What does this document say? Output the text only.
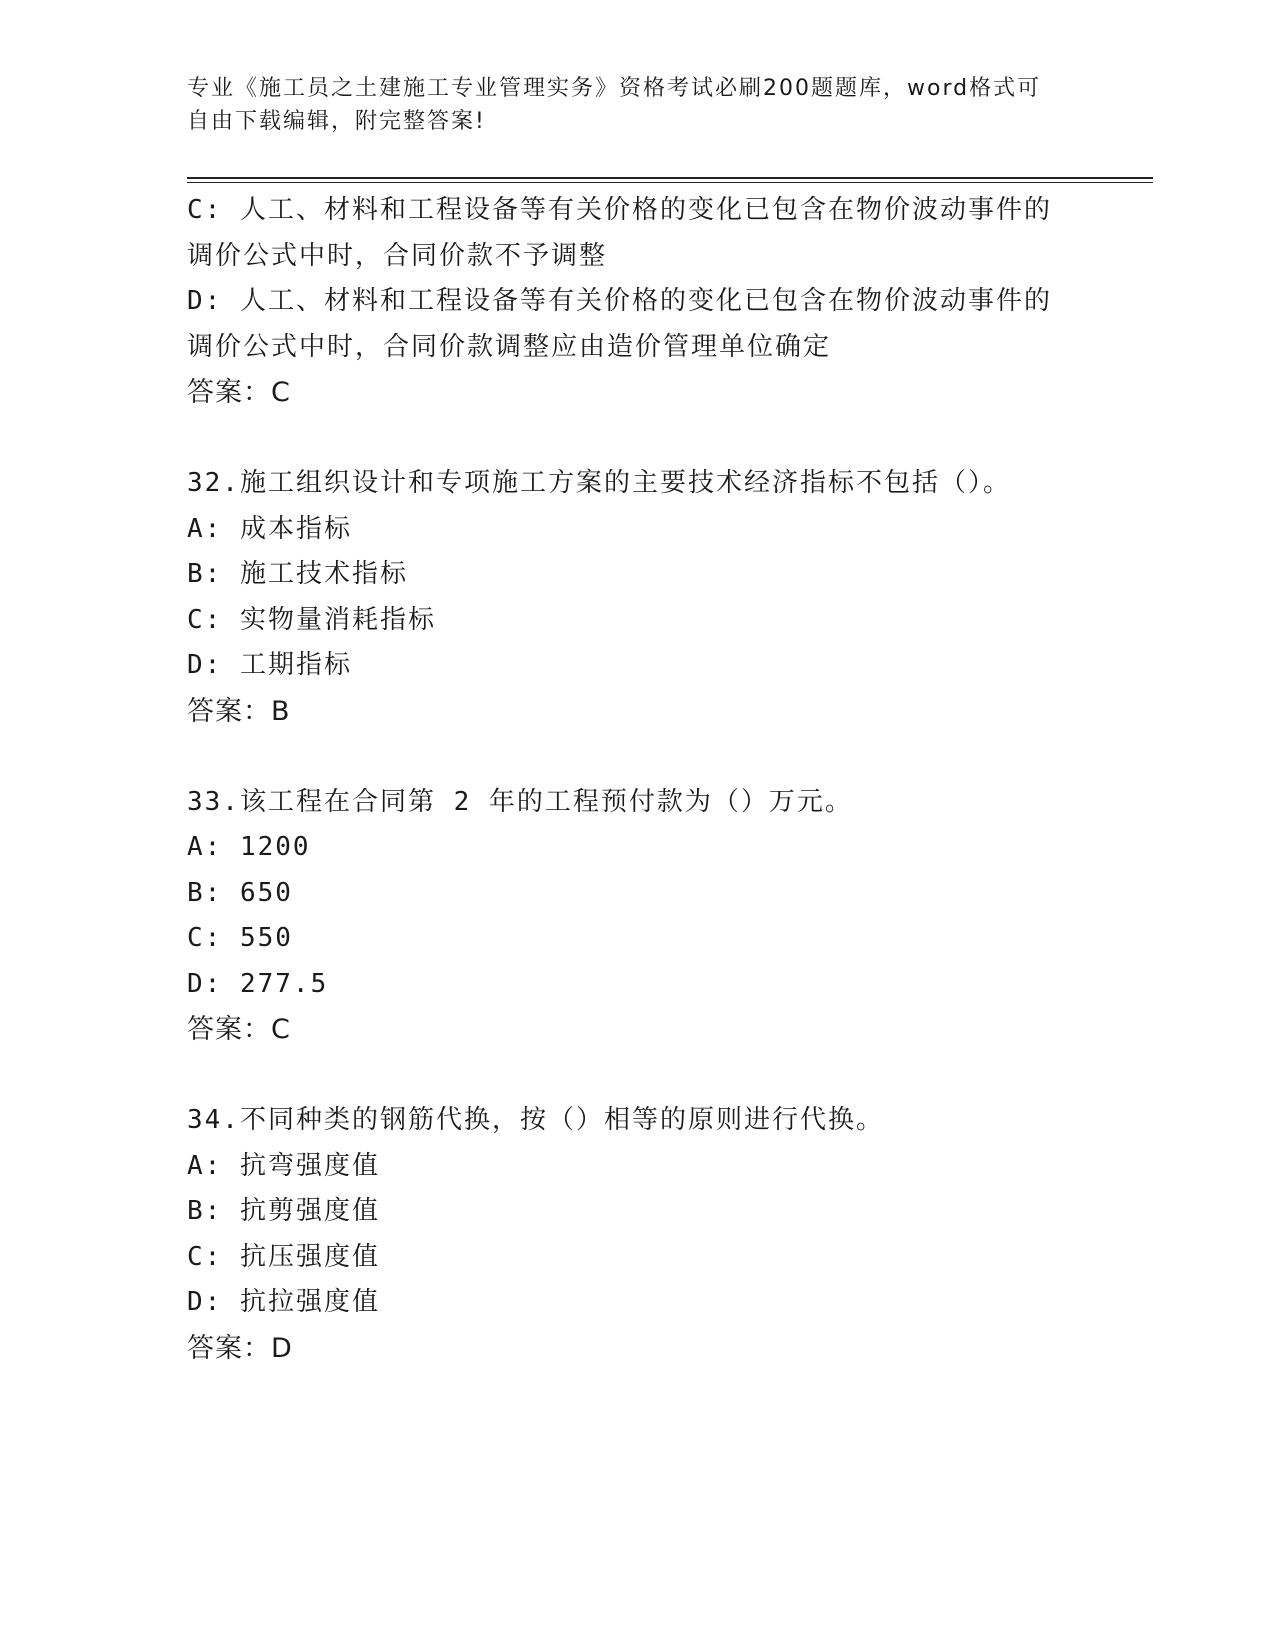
专业《施工员之土建施工专业管理实务》资格考试必刷200题题库，word格式可
自由下载编辑，附完整答案!
C: 人工、材料和工程设备等有关价格的变化已包含在物价波动事件的
调价公式中时，合同价款不予调整
D: 人工、材料和工程设备等有关价格的变化已包含在物价波动事件的
调价公式中时，合同价款调整应由造价管理单位确定
答案：C
32.施工组织设计和专项施工方案的主要技术经济指标不包括（）。
A: 成本指标
B: 施工技术指标
C: 实物量消耗指标
D: 工期指标
答案：B
33.该工程在合同第 2 年的工程预付款为（）万元。
A: 1200
B: 650
C: 550
D: 277.5
答案：C
34.不同种类的钢筋代换，按（）相等的原则进行代换。
A: 抗弯强度值
B: 抗剪强度值
C: 抗压强度值
D: 抗拉强度值
答案：D
